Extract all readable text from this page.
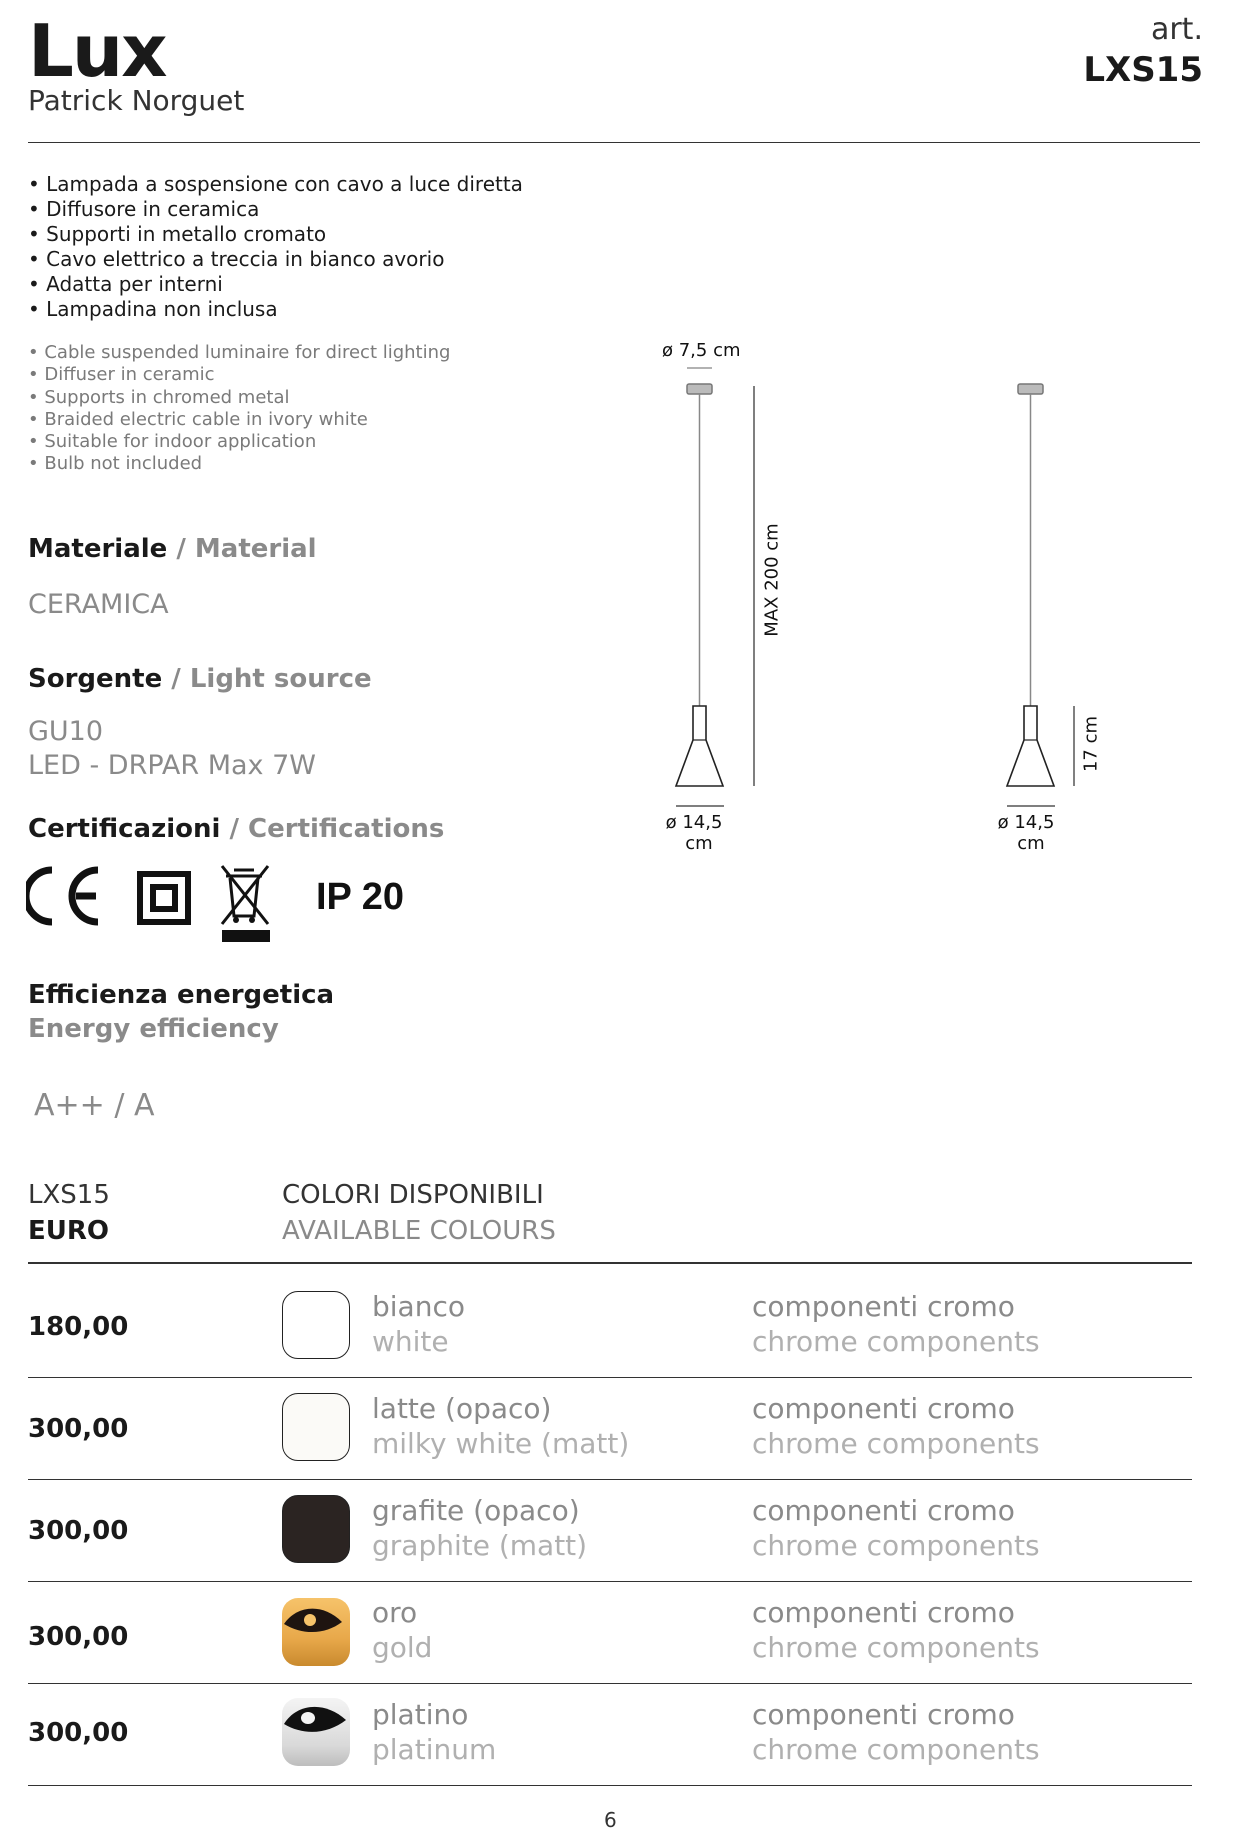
Lux
Patrick Norguet
art.
LXS15
• Lampada a sospensione con cavo a luce diretta
• Diffusore in ceramica
• Supporti in metallo cromato
• Cavo elettrico a treccia in bianco avorio
• Adatta per interni
• Lampadina non inclusa
• Cable suspended luminaire for direct lighting
• Diffuser in ceramic
• Supports in chromed metal
• Braided electric cable in ivory white
• Suitable for indoor application
• Bulb not included
Materiale / Material
CERAMICA
Sorgente / Light source
GU10
LED - DRPAR Max 7W
Certificazioni / Certifications
IP 20
Efficienza energetica
Energy efficiency
A++ / A
ø 7,5 cm
MAX 200 cm
17 cm
ø 14,5
cm
ø 14,5
cm
LXS15
EURO
COLORI DISPONIBILI
AVAILABLE COLOURS
180,00
bianco
white
componenti cromo
chrome components
300,00
latte (opaco)
milky white (matt)
componenti cromo
chrome components
300,00
grafite (opaco)
graphite (matt)
componenti cromo
chrome components
300,00
oro
gold
componenti cromo
chrome components
300,00
platino
platinum
componenti cromo
chrome components
6
